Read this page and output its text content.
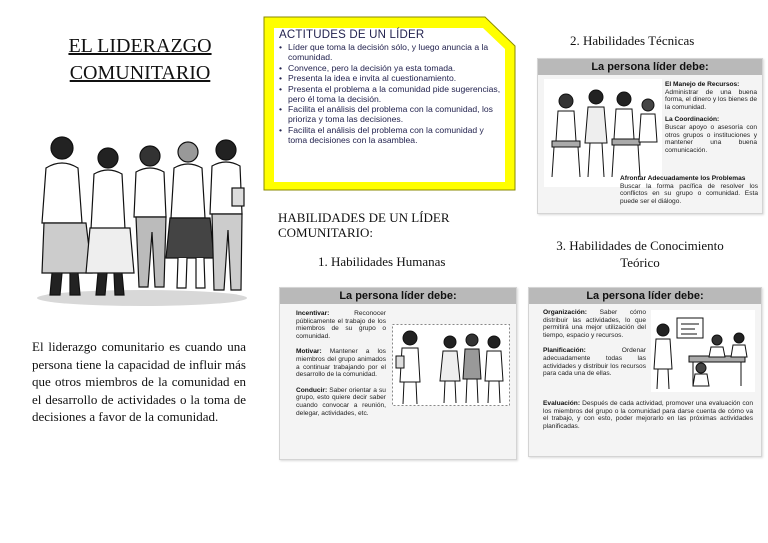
EL LIDERAZGO
COMUNITARIO
El liderazgo comunitario es cuando una persona tiene la capacidad de influir más que otros miembros de la comunidad en el desarrollo de actividades o la toma de decisiones a favor de la comunidad.
ACTITUDES DE UN LÍDER
• Líder que toma la decisión sólo, y luego anuncia a la comunidad.
• Convence, pero la decisión ya esta tomada.
• Presenta la idea e invita al cuestionamiento.
• Presenta el problema a la comunidad pide sugerencias, pero él toma la decisión.
• Facilita el análisis del problema con la comunidad, los prioriza y toma las decisiones.
• Facilita el análisis del problema con la comunidad y toma decisiones con la asamblea.
HABILIDADES DE UN LÍDER
COMUNITARIO:
1. Habilidades Humanas
2. Habilidades Técnicas
3. Habilidades de Conocimiento
Teórico
La persona líder debe:

El Manejo de Recursos:
Administrar de una buena forma, el dinero y los bienes de la comunidad.

La Coordinación:
Buscar apoyo o asesoría con otros grupos o instituciones y mantener una buena comunicación.

Afrontar Adecuadamente los Problemas
Buscar la forma pacífica de resolver los conflictos en su grupo o comunidad. Esta puede ser el diálogo.

La persona líder debe:

Incentivar:	Reconocer públicamente el trabajo de los miembros de su grupo o comunidad.

Motivar: Mantener a los miembros del grupo animados a continuar trabajando por el desarrollo de la comunidad.

Conducir: Saber orientar a su grupo, esto quiere decir saber cuando convocar a reunión, delegar, actividades, etc.

La persona líder debe:

Organización: Saber cómo distribuir las actividades, lo que permitirá una mejor utilización del tiempo, espacio y recursos.

Planificación:	Ordenar adecuadamente todas las actividades y distribuir los recursos para cada una de ellas.

Evaluación: Después de cada actividad, promover una evaluación con los miembros del grupo o la comunidad para darse cuenta de cómo va el trabajo, y con esto, poder mejorarlo en las próximas actividades planificadas.
